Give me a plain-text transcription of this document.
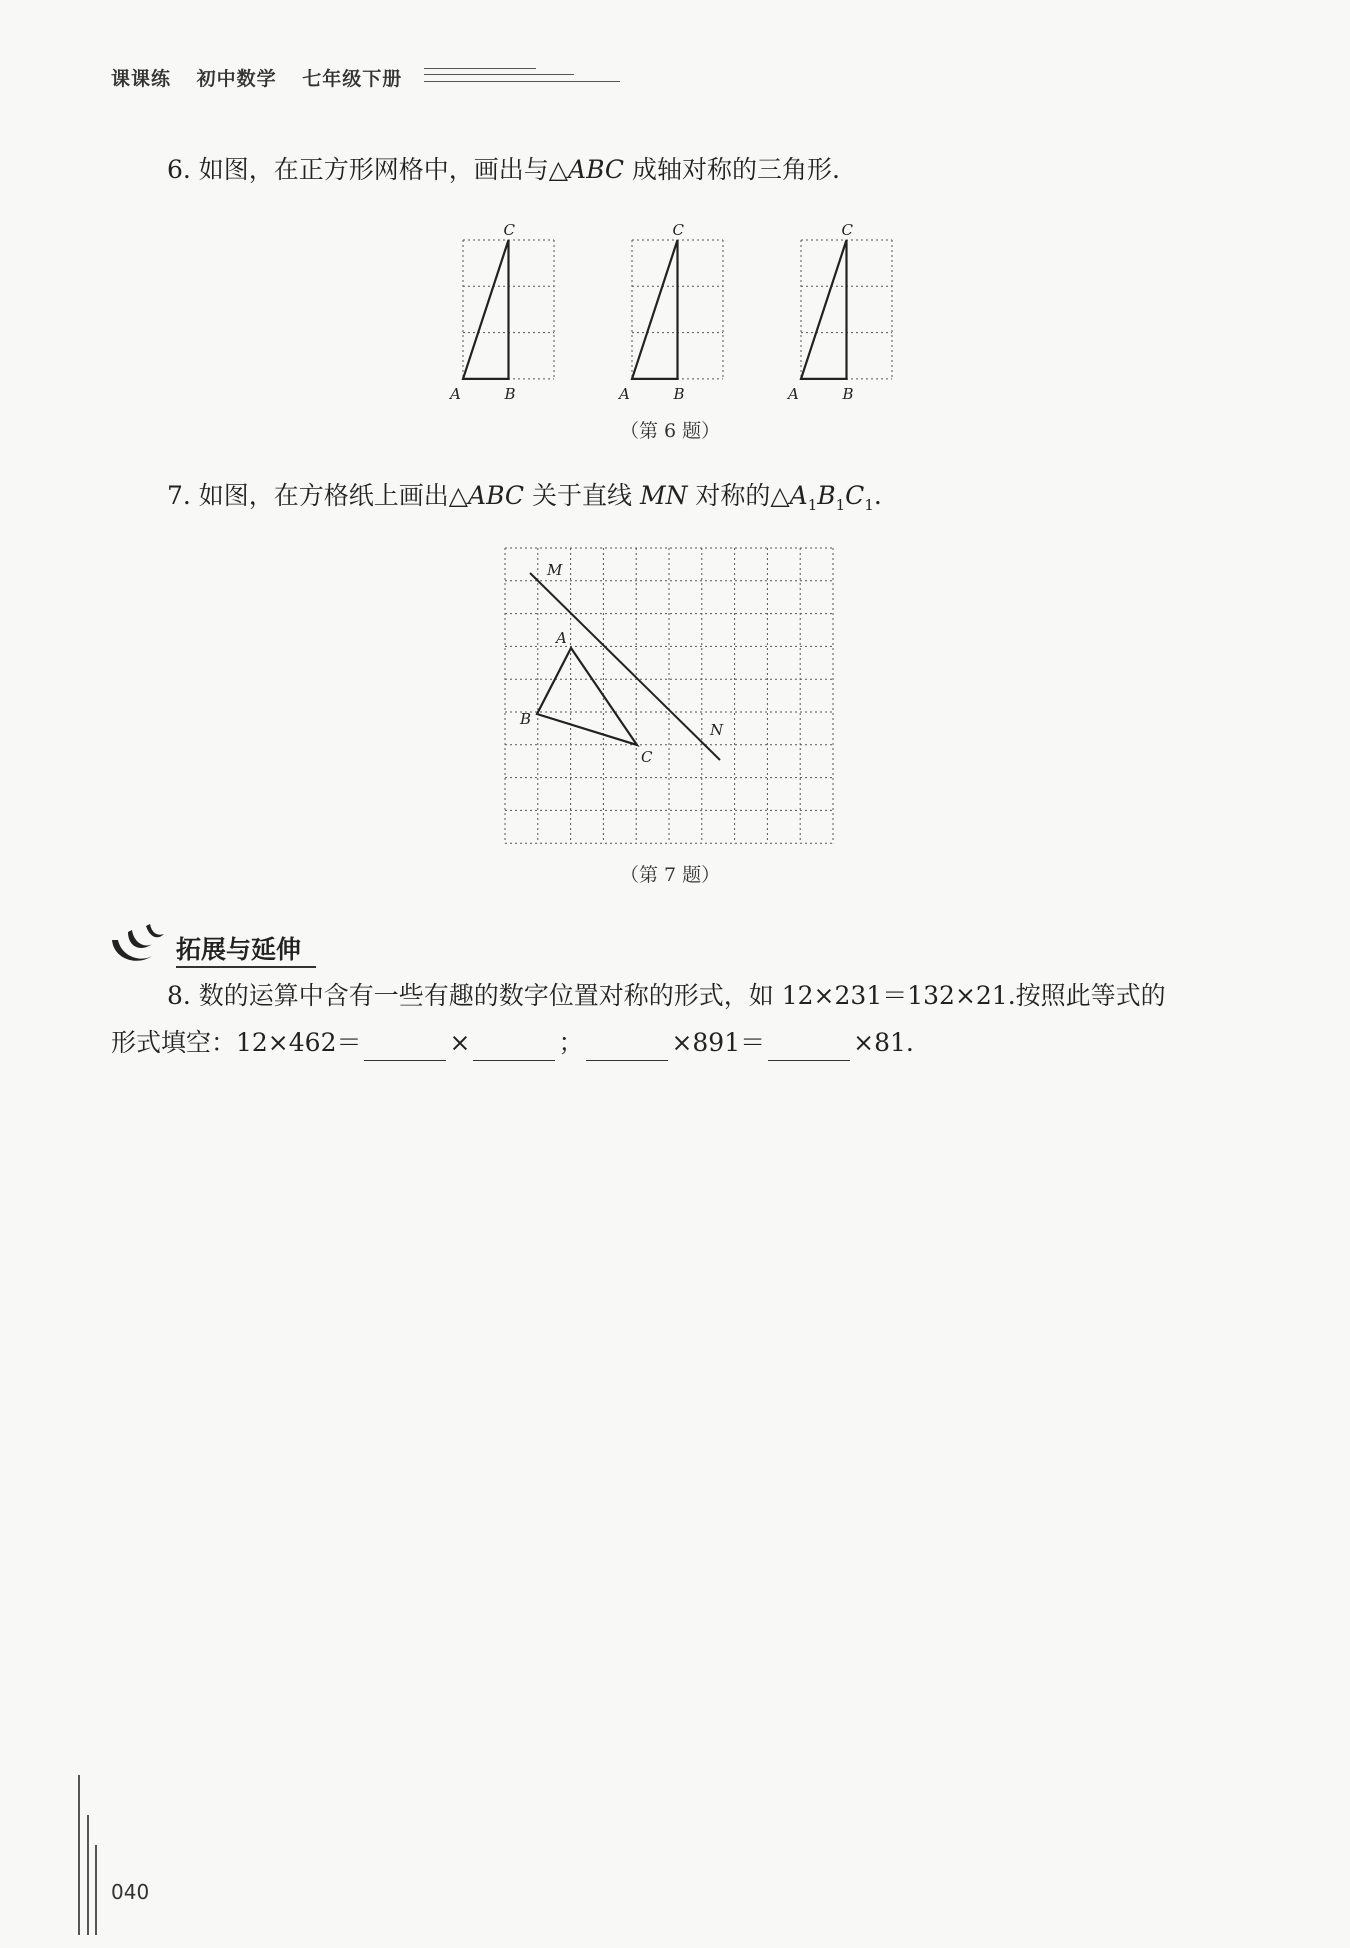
课课练 初中数学 七年级下册
6. 如图，在正方形网格中，画出与△ABC 成轴对称的三角形.
A	B
C
A	B
C
A	B
C
（第 6 题）
7. 如图，在方格纸上画出△ABC 关于直线 MN 对称的$\triangle A_1B_1C_1$.
M
N
A
B
C
（第 7 题）
拓展与延伸
8. 数的运算中含有一些有趣的数字位置对称的形式，如 12×231＝132×21.按照此等式的
形式填空：12×462＝	×	；	×891＝	×81.
040
